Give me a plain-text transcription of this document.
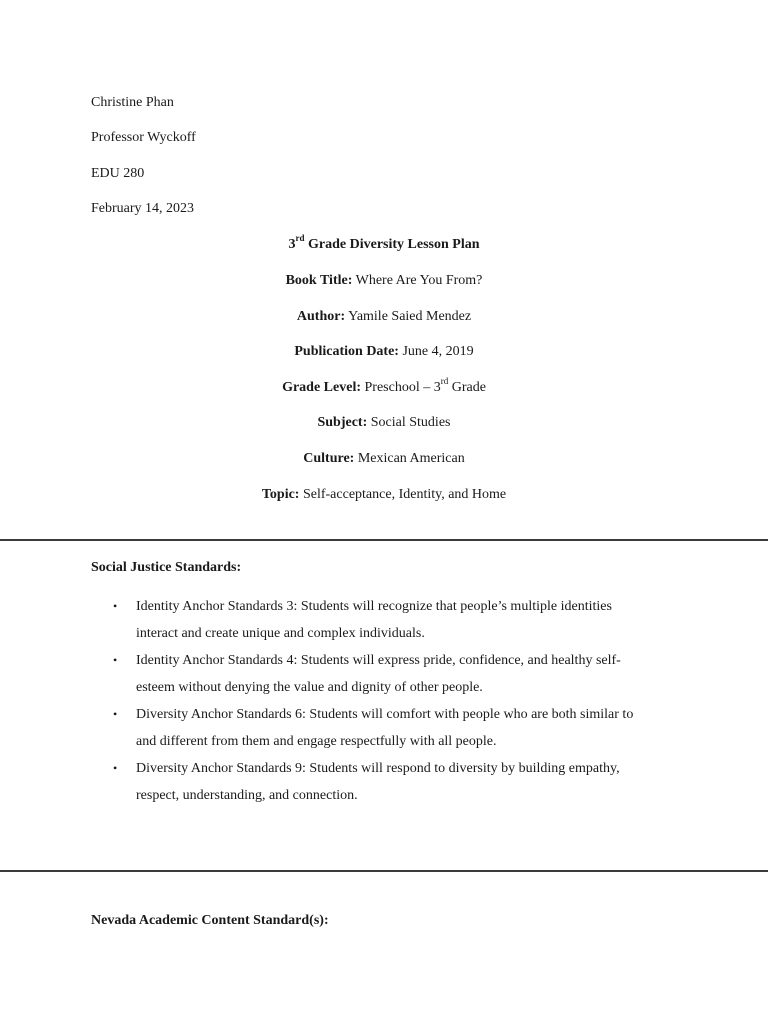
Christine Phan
Professor Wyckoff
EDU 280
February 14, 2023
3rd Grade Diversity Lesson Plan
Book Title: Where Are You From?
Author: Yamile Saied Mendez
Publication Date: June 4, 2019
Grade Level: Preschool – 3rd Grade
Subject: Social Studies
Culture: Mexican American
Topic: Self-acceptance, Identity, and Home
Social Justice Standards:
• Identity Anchor Standards 3: Students will recognize that people’s multiple identities
interact and create unique and complex individuals.
• Identity Anchor Standards 4: Students will express pride, confidence, and healthy self-
esteem without denying the value and dignity of other people.
• Diversity Anchor Standards 6: Students will comfort with people who are both similar to
and different from them and engage respectfully with all people.
• Diversity Anchor Standards 9: Students will respond to diversity by building empathy,
respect, understanding, and connection.
Nevada Academic Content Standard(s):
